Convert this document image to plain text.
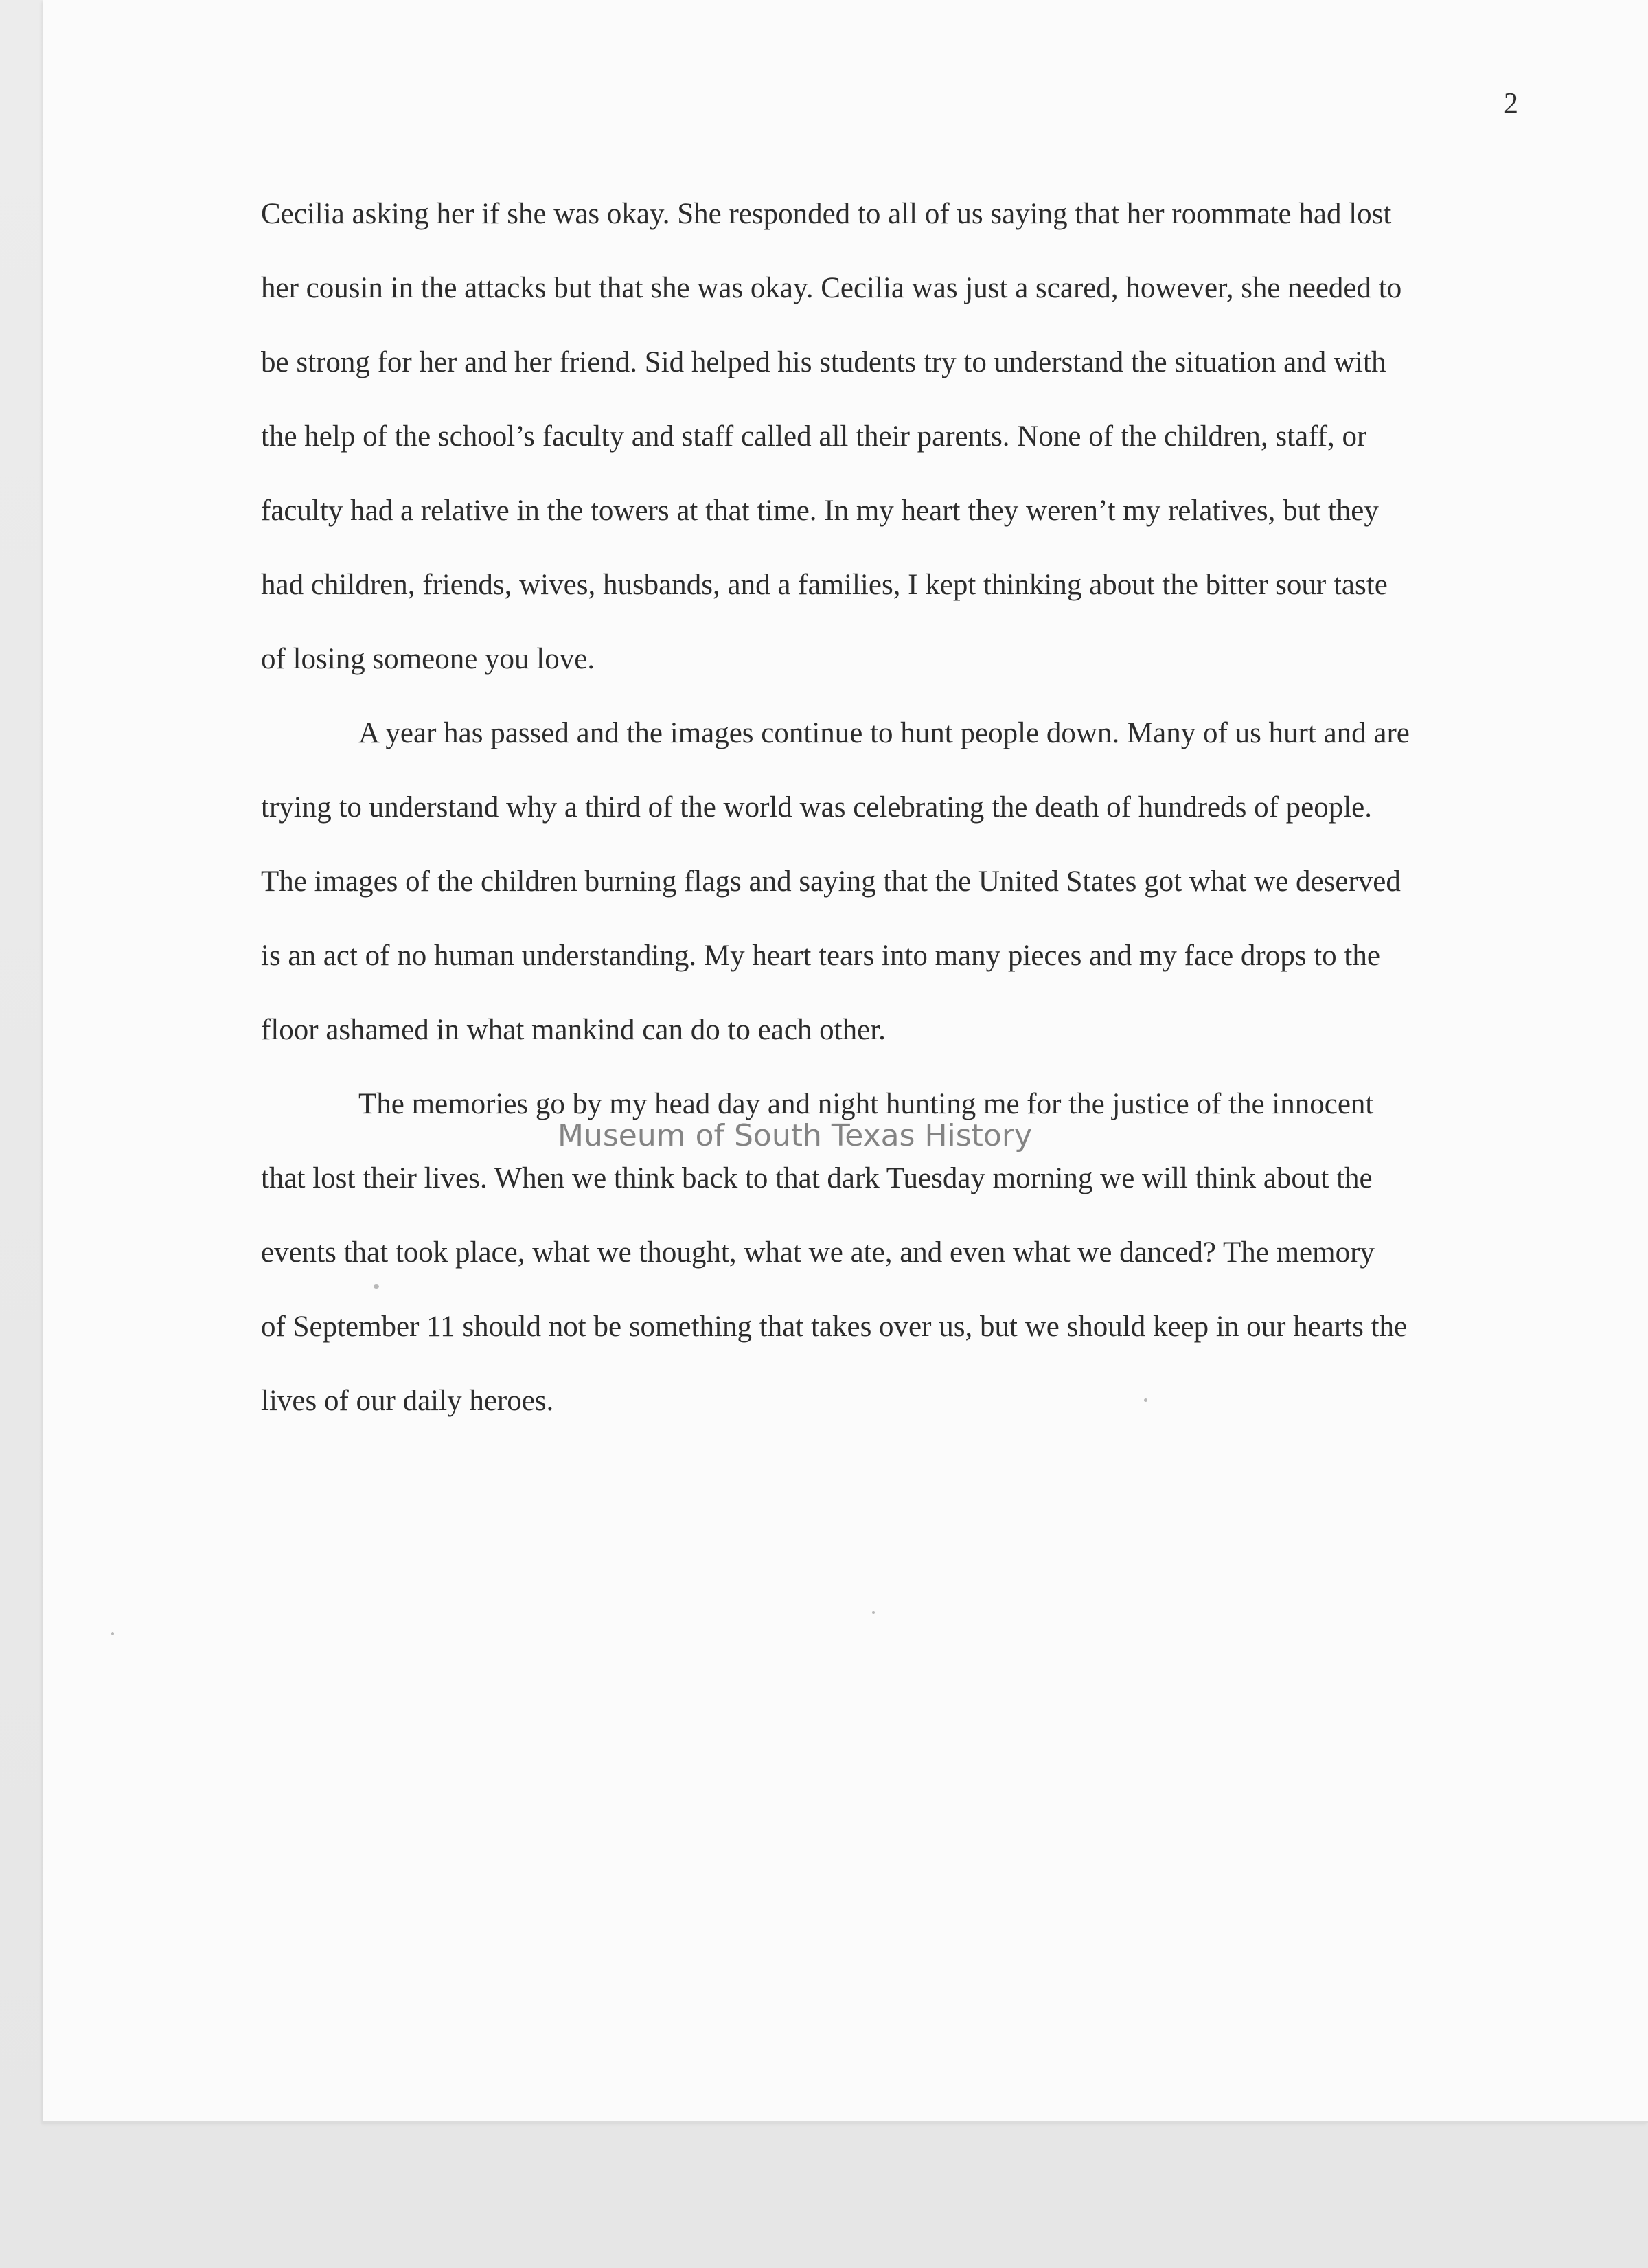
2

Cecilia asking her if she was okay. She responded to all of us saying that her roommate had lost
her cousin in the attacks but that she was okay. Cecilia was just a scared, however, she needed to
be strong for her and her friend. Sid helped his students try to understand the situation and with
the help of the school’s faculty and staff called all their parents. None of the children, staff, or
faculty had a relative in the towers at that time. In my heart they weren’t my relatives, but they
had children, friends, wives, husbands, and a families, I kept thinking about the bitter sour taste
of losing someone you love.

A year has passed and the images continue to hunt people down. Many of us hurt and are
trying to understand why a third of the world was celebrating the death of hundreds of people.
The images of the children burning flags and saying that the United States got what we deserved
is an act of no human understanding. My heart tears into many pieces and my face drops to the
floor ashamed in what mankind can do to each other.

The memories go by my head day and night hunting me for the justice of the innocent
that lost their lives. When we think back to that dark Tuesday morning we will think about the
events that took place, what we thought, what we ate, and even what we danced? The memory
of September 11 should not be something that takes over us, but we should keep in our hearts the
lives of our daily heroes.

Museum of South Texas History
